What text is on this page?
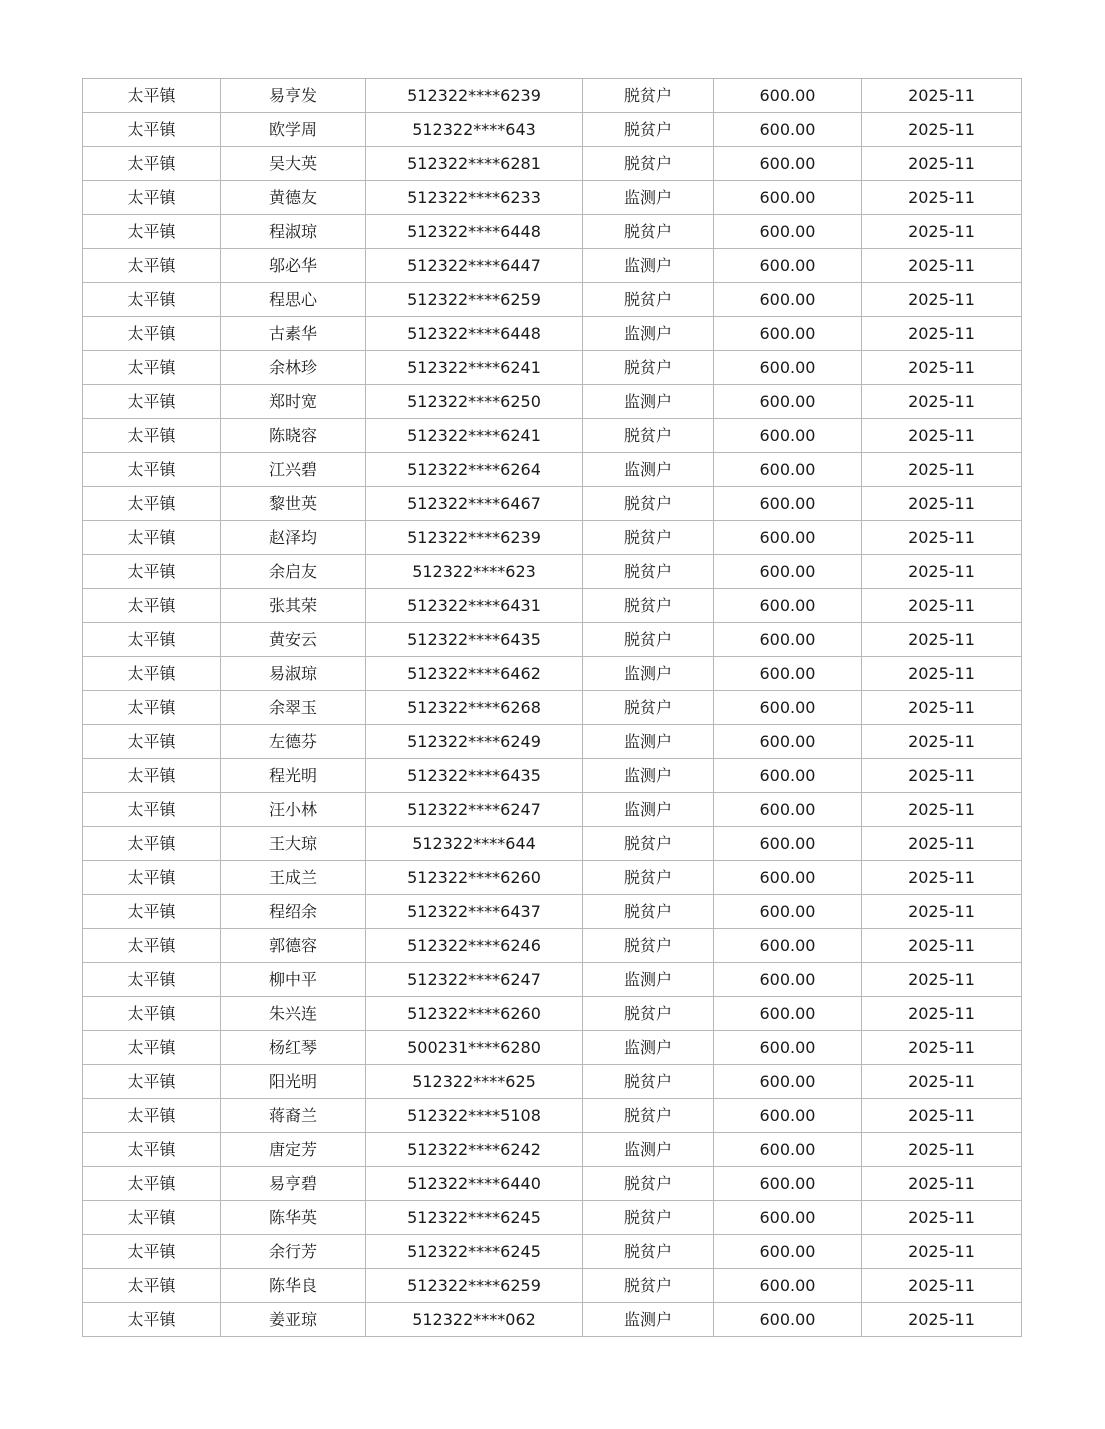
太平镇	易亨发	512322****6239	脱贫户	600.00	2025-11
太平镇	欧学周	512322****643	脱贫户	600.00	2025-11
太平镇	吴大英	512322****6281	脱贫户	600.00	2025-11
太平镇	黄德友	512322****6233	监测户	600.00	2025-11
太平镇	程淑琼	512322****6448	脱贫户	600.00	2025-11
太平镇	邬必华	512322****6447	监测户	600.00	2025-11
太平镇	程思心	512322****6259	脱贫户	600.00	2025-11
太平镇	古素华	512322****6448	监测户	600.00	2025-11
太平镇	余林珍	512322****6241	脱贫户	600.00	2025-11
太平镇	郑时宽	512322****6250	监测户	600.00	2025-11
太平镇	陈晓容	512322****6241	脱贫户	600.00	2025-11
太平镇	江兴碧	512322****6264	监测户	600.00	2025-11
太平镇	黎世英	512322****6467	脱贫户	600.00	2025-11
太平镇	赵泽均	512322****6239	脱贫户	600.00	2025-11
太平镇	余启友	512322****623	脱贫户	600.00	2025-11
太平镇	张其荣	512322****6431	脱贫户	600.00	2025-11
太平镇	黄安云	512322****6435	脱贫户	600.00	2025-11
太平镇	易淑琼	512322****6462	监测户	600.00	2025-11
太平镇	余翠玉	512322****6268	脱贫户	600.00	2025-11
太平镇	左德芬	512322****6249	监测户	600.00	2025-11
太平镇	程光明	512322****6435	监测户	600.00	2025-11
太平镇	汪小林	512322****6247	监测户	600.00	2025-11
太平镇	王大琼	512322****644	脱贫户	600.00	2025-11
太平镇	王成兰	512322****6260	脱贫户	600.00	2025-11
太平镇	程绍余	512322****6437	脱贫户	600.00	2025-11
太平镇	郭德容	512322****6246	脱贫户	600.00	2025-11
太平镇	柳中平	512322****6247	监测户	600.00	2025-11
太平镇	朱兴连	512322****6260	脱贫户	600.00	2025-11
太平镇	杨红琴	500231****6280	监测户	600.00	2025-11
太平镇	阳光明	512322****625	脱贫户	600.00	2025-11
太平镇	蒋裔兰	512322****5108	脱贫户	600.00	2025-11
太平镇	唐定芳	512322****6242	监测户	600.00	2025-11
太平镇	易亨碧	512322****6440	脱贫户	600.00	2025-11
太平镇	陈华英	512322****6245	脱贫户	600.00	2025-11
太平镇	余行芳	512322****6245	脱贫户	600.00	2025-11
太平镇	陈华良	512322****6259	脱贫户	600.00	2025-11
太平镇	姜亚琼	512322****062	监测户	600.00	2025-11
